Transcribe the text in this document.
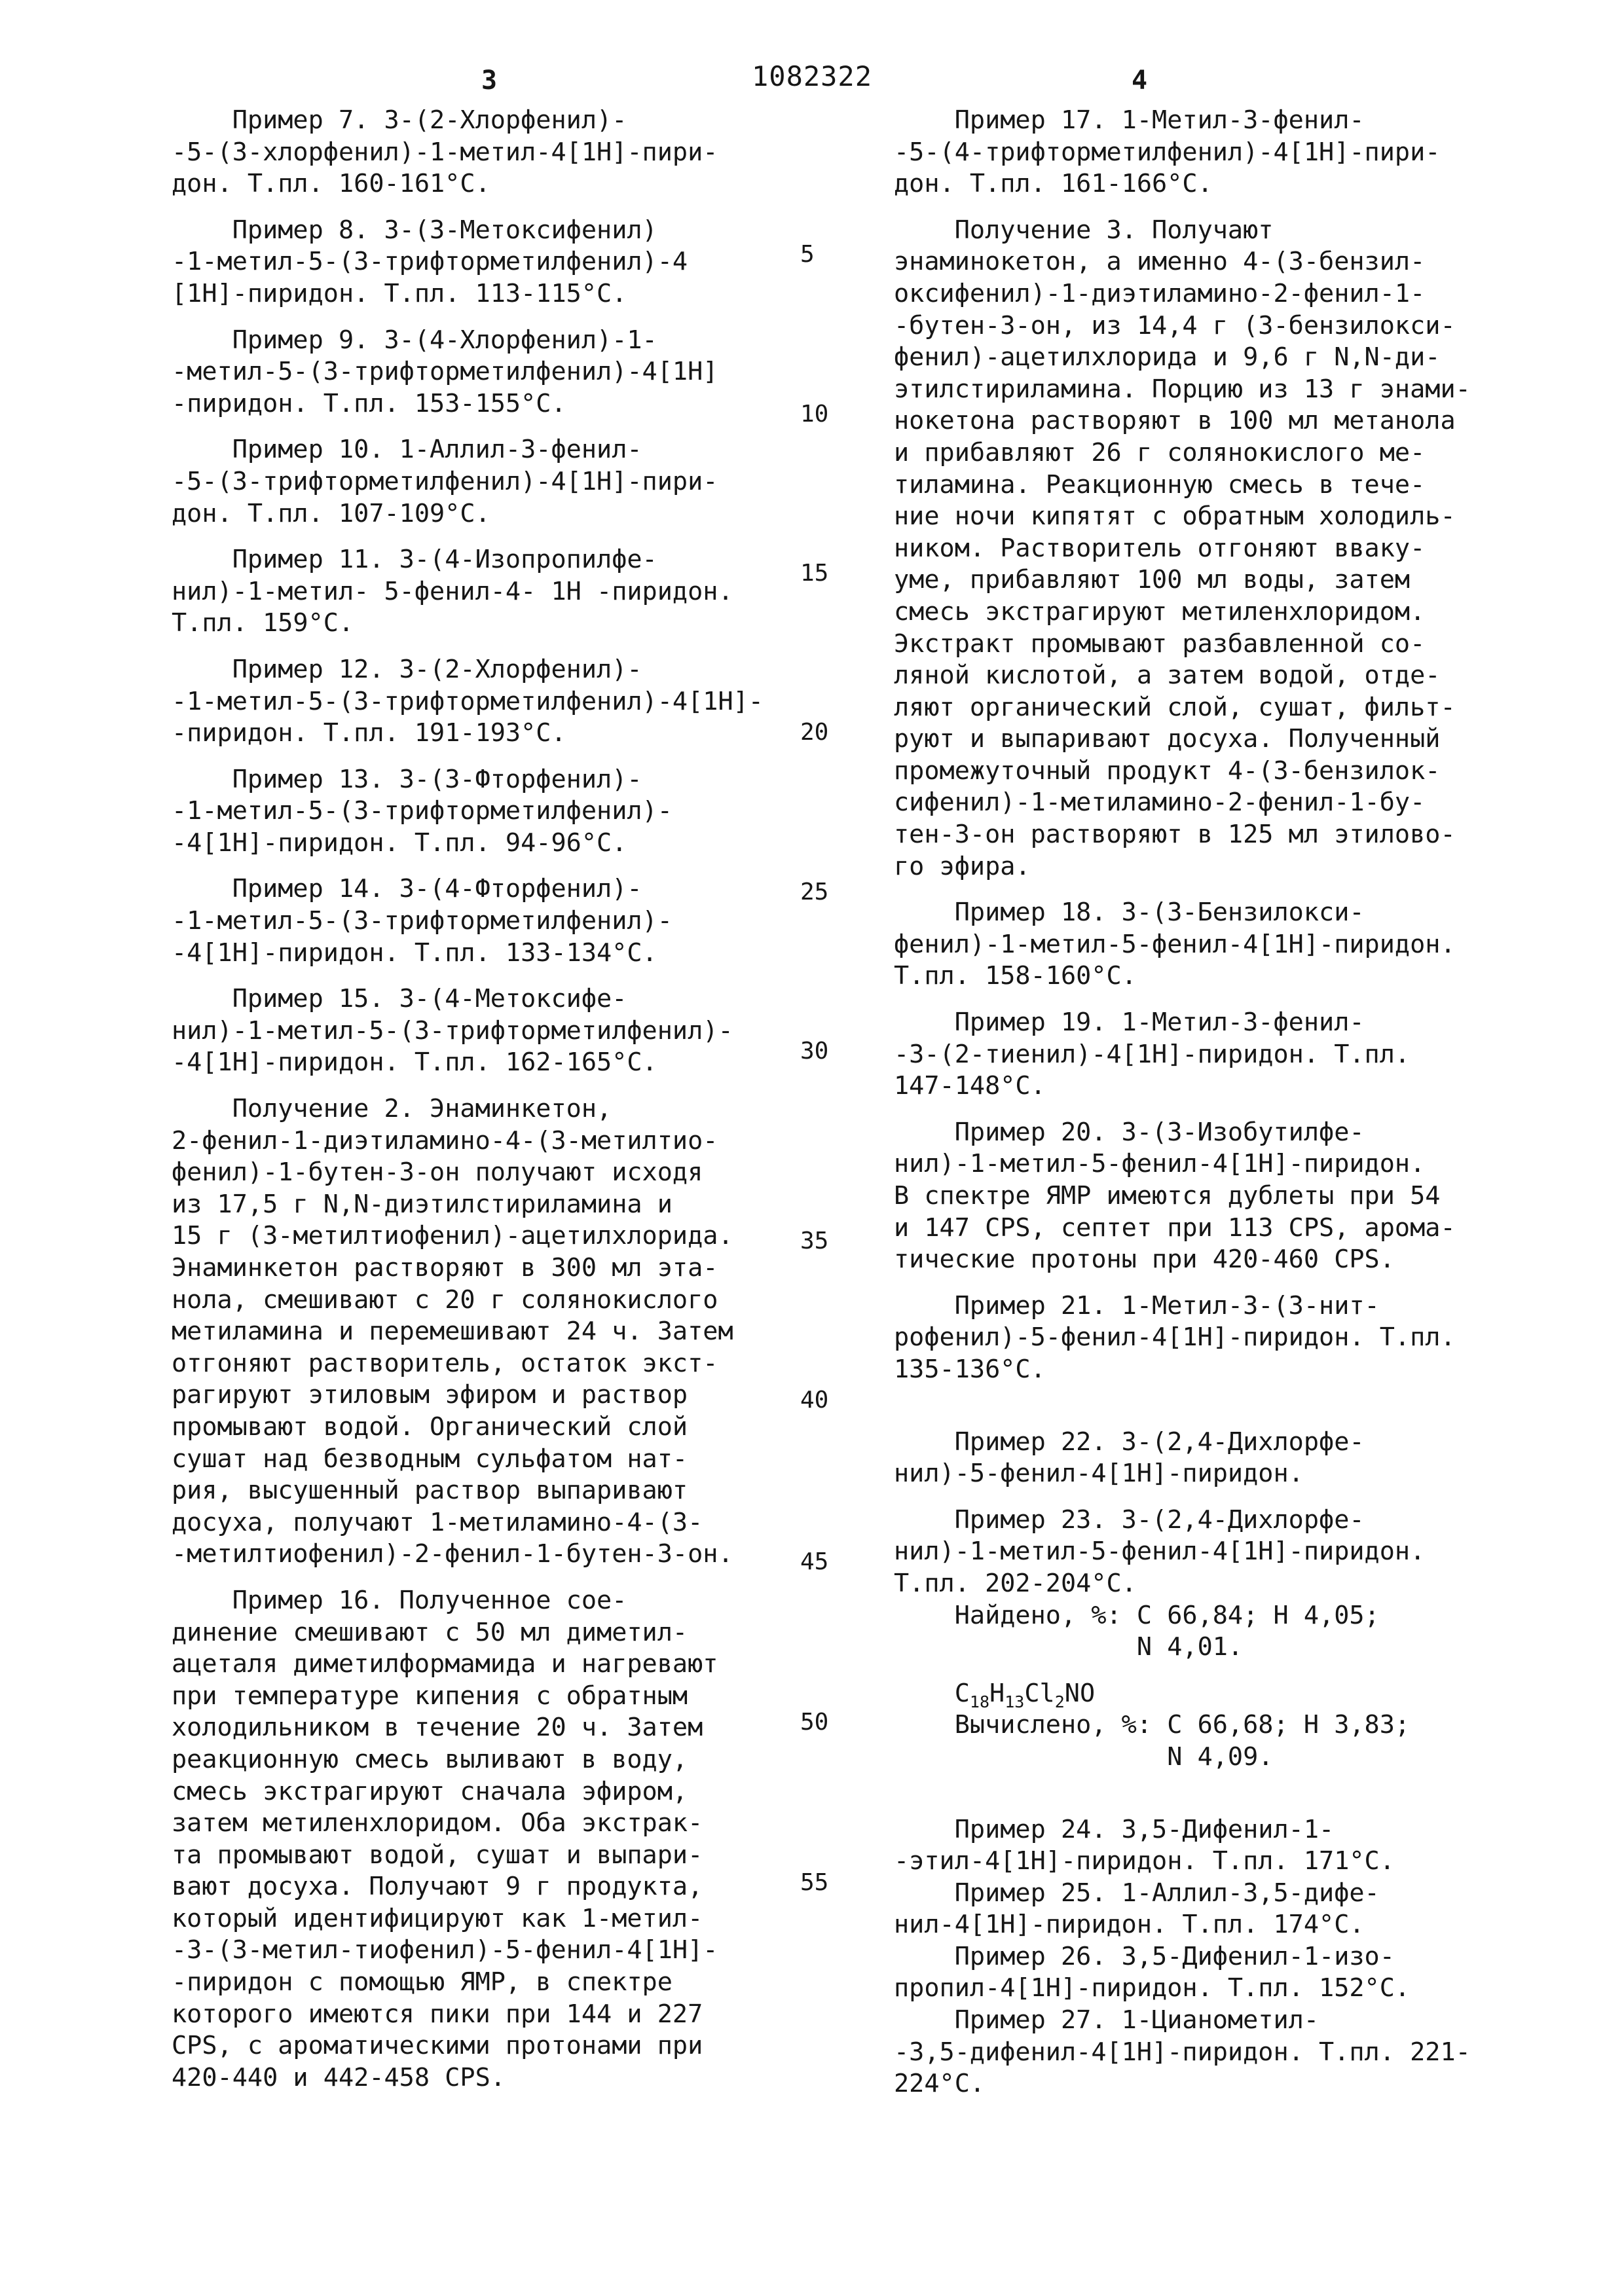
3	1082322	4
5
10
15
20
25
30
35
40
45
50
55

Пример 7. 3-(2-Хлорфенил)-

-5-(3-хлорфенил)-1-метил-4[1H]-пири-

дон. Т.пл. 160-161°С.

Пример 8. 3-(3-Метоксифенил)

-1-метил-5-(3-трифторметилфенил)-4

[1H]-пиридон. Т.пл. 113-115°С.

Пример 9. 3-(4-Хлорфенил)-1-

-метил-5-(3-трифторметилфенил)-4[1H]

-пиридон. Т.пл. 153-155°С.

Пример 10. 1-Аллил-3-фенил-

-5-(3-трифторметилфенил)-4[1H]-пири-

дон. Т.пл. 107-109°С.

Пример 11. 3-(4-Изопропилфе-

нил)-1-метил- 5-фенил-4- 1H -пиридон.

Т.пл. 159°С.

Пример 12. 3-(2-Хлорфенил)-

-1-метил-5-(3-трифторметилфенил)-4[1H]-

-пиридон. Т.пл. 191-193°С.

Пример 13. 3-(3-Фторфенил)-

-1-метил-5-(3-трифторметилфенил)-

-4[1H]-пиридон. Т.пл. 94-96°С.

Пример 14. 3-(4-Фторфенил)-

-1-метил-5-(3-трифторметилфенил)-

-4[1H]-пиридон. Т.пл. 133-134°С.

Пример 15. 3-(4-Метоксифе-

нил)-1-метил-5-(3-трифторметилфенил)-

-4[1H]-пиридон. Т.пл. 162-165°С.

Получение 2. Энаминкетон,

2-фенил-1-диэтиламино-4-(3-метилтио-

фенил)-1-бутен-3-он получают исходя

из 17,5 г N,N-диэтилстириламина и

15 г (3-метилтиофенил)-ацетилхлорида.

Энаминкетон растворяют в 300 мл эта-

нола, смешивают с 20 г солянокислого

метиламина и перемешивают 24 ч. Затем

отгоняют растворитель, остаток экст-

рагируют этиловым эфиром и раствор

промывают водой. Органический слой

сушат над безводным сульфатом нат-

рия, высушенный раствор выпаривают

досуха, получают 1-метиламино-4-(3-

-метилтиофенил)-2-фенил-1-бутен-3-он.

Пример 16. Полученное сое-

динение смешивают с 50 мл диметил-

ацеталя диметилформамида и нагревают

при температуре кипения с обратным

холодильником в течение 20 ч. Затем

реакционную смесь выливают в воду,

смесь экстрагируют сначала эфиром,

затем метиленхлоридом. Оба экстрак-

та промывают водой, сушат и выпари-

вают досуха. Получают 9 г продукта,

который идентифицируют как 1-метил-

-3-(3-метил-тиофенил)-5-фенил-4[1H]-

-пиридон с помощью ЯМР, в спектре

которого имеются пики при 144 и 227

CPS, с ароматическими протонами при

420-440 и 442-458 CPS.

Пример 17. 1-Метил-3-фенил-

-5-(4-трифторметилфенил)-4[1H]-пири-

дон. Т.пл. 161-166°С.

Получение 3. Получают

энаминокетон, а именно 4-(3-бензил-

оксифенил)-1-диэтиламино-2-фенил-1-

-бутен-3-он, из 14,4 г (3-бензилокси-

фенил)-ацетилхлорида и 9,6 г N,N-ди-

этилстириламина. Порцию из 13 г энами-

нокетона растворяют в 100 мл метанола

и прибавляют 26 г солянокислого ме-

тиламина. Реакционную смесь в тече-

ние ночи кипятят с обратным холодиль-

ником. Растворитель отгоняют вваку-

уме, прибавляют 100 мл воды, затем

смесь экстрагируют метиленхлоридом.

Экстракт промывают разбавленной со-

ляной кислотой, а затем водой, отде-

ляют органический слой, сушат, фильт-

руют и выпаривают досуха. Полученный

промежуточный продукт 4-(3-бензилок-

сифенил)-1-метиламино-2-фенил-1-бу-

тен-3-он растворяют в 125 мл этилово-

го эфира.

Пример 18. 3-(3-Бензилокси-

фенил)-1-метил-5-фенил-4[1H]-пиридон.

Т.пл. 158-160°С.

Пример 19. 1-Метил-3-фенил-

-3-(2-тиенил)-4[1H]-пиридон. Т.пл.

147-148°С.

Пример 20. 3-(3-Изобутилфе-

нил)-1-метил-5-фенил-4[1H]-пиридон.

В спектре ЯМР имеются дублеты при 54

и 147 CPS, септет при 113 CPS, арома-

тические протоны при 420-460 CPS.

Пример 21. 1-Метил-3-(3-нит-

рофенил)-5-фенил-4[1H]-пиридон. Т.пл.

135-136°С.

Пример 22. 3-(2,4-Дихлорфе-

нил)-5-фенил-4[1H]-пиридон.

Пример 23. 3-(2,4-Дихлорфе-

нил)-1-метил-5-фенил-4[1H]-пиридон.

Т.пл. 202-204°С.

Найдено, %: С 66,84; Н 4,05;

N 4,01.

C18H13Cl2NO

Вычислено, %: С 66,68; Н 3,83;

N 4,09.

Пример 24. 3,5-Дифенил-1-

-этил-4[1H]-пиридон. Т.пл. 171°С.

Пример 25. 1-Аллил-3,5-дифе-

нил-4[1H]-пиридон. Т.пл. 174°С.

Пример 26. 3,5-Дифенил-1-изо-

пропил-4[1H]-пиридон. Т.пл. 152°С.

Пример 27. 1-Цианометил-

-3,5-дифенил-4[1H]-пиридон. Т.пл. 221-

224°С.
